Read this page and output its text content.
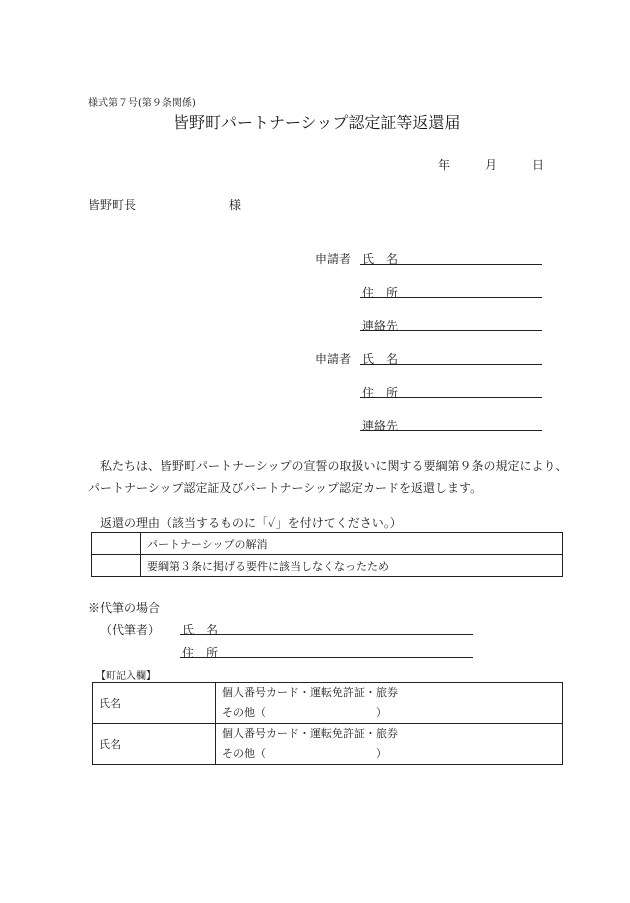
様式第７号(第９条関係)
皆野町パートナーシップ認定証等返還届
年	月	日
皆野町長	様
申請者 氏　名
住　所
連絡先
申請者 氏　名
住　所
連絡先
私たちは、皆野町パートナーシップの宣誓の取扱いに関する要綱第９条の規定により、
パートナーシップ認定証及びパートナーシップ認定カードを返還します。
返還の理由（該当するものに「✓」を付けてください。）
	パートナーシップの解消
	要綱第３条に掲げる要件に該当しなくなったため
※代筆の場合
（代筆者） 氏　名
住　所
【町記入欄】
氏名	個人番号カード・運転免許証・旅券
その他（　　　　　　　　　　）

氏名	個人番号カード・運転免許証・旅券
その他（　　　　　　　　　　）
